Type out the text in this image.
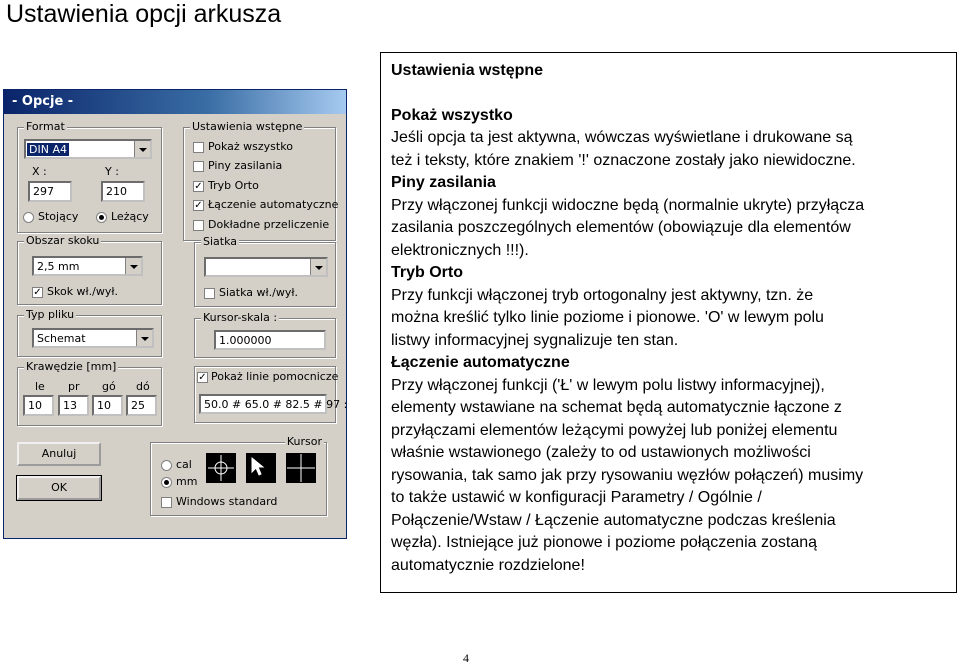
Ustawienia opcji arkusza
- Opcje -
Format
DIN A4
X :	Y :
297	210
Stojący	Leżący
Obszar skoku
2,5 mm
✓ Skok wł./wył.
Typ pliku
Schemat
Krawędzie [mm]
le pr gó dó
10	13	10	25
Ustawienia wstępne
Pokaż wszystko
Piny zasilania
✓ Tryb Orto
✓ Łączenie automatyczne
Dokładne przeliczenie
Siatka
Siatka wł./wył.
Kursor-skala :
1.000000
✓ Pokaż linie pomocnicze
50.0 # 65.0 # 82.5 # 97 :
Anuluj
OK
Kursor
cal
mm
Windows standard
Ustawienia wstępne
Pokaż wszystko
Jeśli opcja ta jest aktywna, wówczas wyświetlane i drukowane są
też i teksty, które znakiem '!' oznaczone zostały jako niewidoczne.
Piny zasilania
Przy włączonej funkcji widoczne będą (normalnie ukryte) przyłącza
zasilania poszczególnych elementów (obowiązuje dla elementów
elektronicznych !!!).
Tryb Orto
Przy funkcji włączonej tryb ortogonalny jest aktywny, tzn. że
można kreślić tylko linie poziome i pionowe. 'O' w lewym polu
listwy informacyjnej sygnalizuje ten stan.
Łączenie automatyczne
Przy włączonej funkcji ('Ł' w lewym polu listwy informacyjnej),
elementy wstawiane na schemat będą automatycznie łączone z
przyłączami elementów leżącymi powyżej lub poniżej elementu
właśnie wstawionego (zależy to od ustawionych możliwości
rysowania, tak samo jak przy rysowaniu węzłów połączeń) musimy
to także ustawić w konfiguracji Parametry / Ogólnie /
Połączenie/Wstaw / Łączenie automatyczne podczas kreślenia
węzła). Istniejące już pionowe i poziome połączenia zostaną
automatycznie rozdzielone!
4
